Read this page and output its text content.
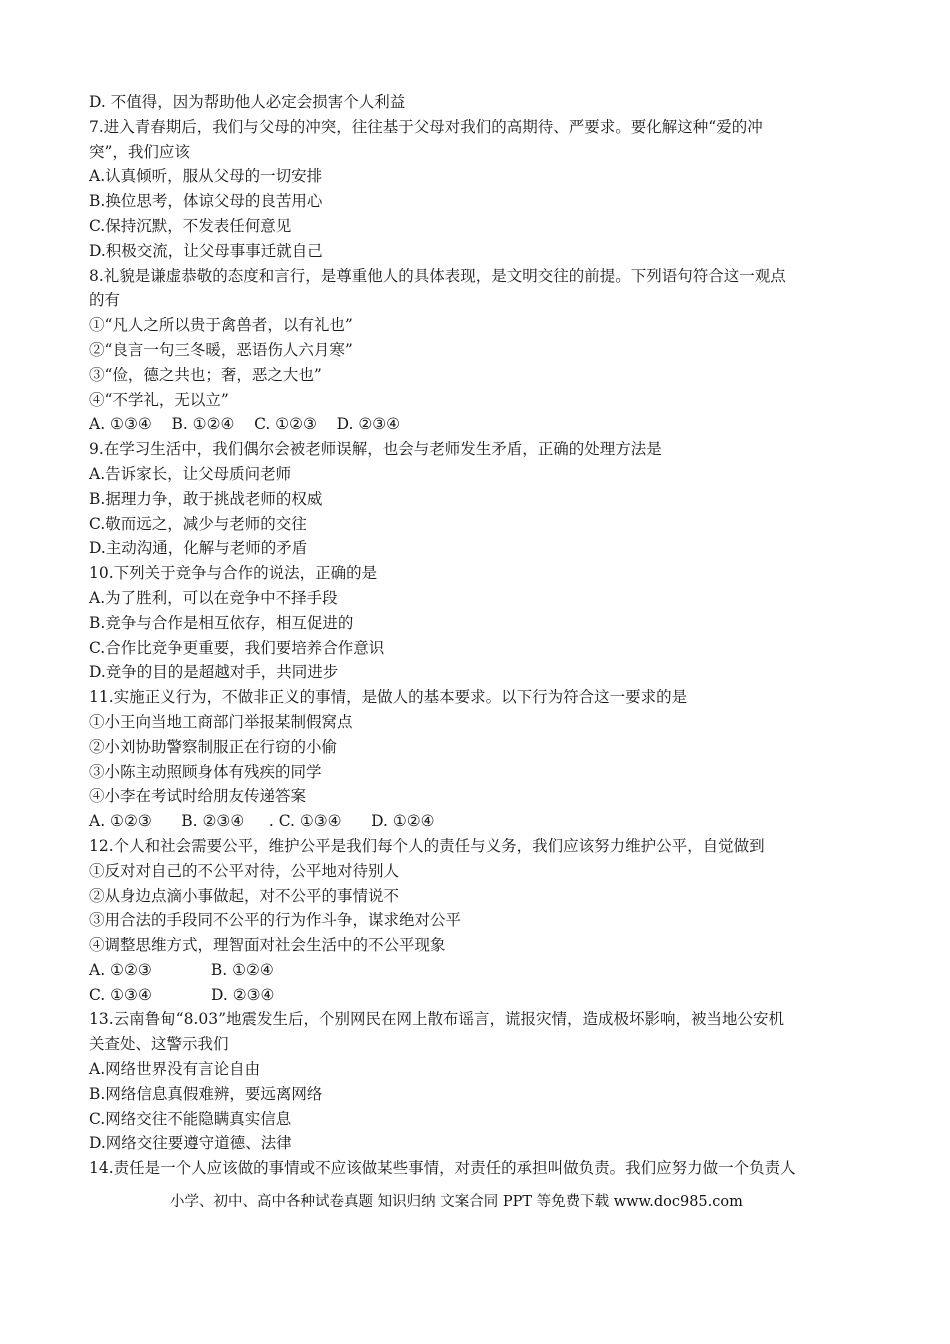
D. 不值得，因为帮助他人必定会损害个人利益
7.进入青春期后，我们与父母的冲突，往往基于父母对我们的高期待、严要求。要化解这种“爱的冲
突”，我们应该
A.认真倾听，服从父母的一切安排
B.换位思考，体谅父母的良苦用心
C.保持沉默，不发表任何意见
D.积极交流，让父母事事迁就自己
8.礼貌是谦虚恭敬的态度和言行，是尊重他人的具体表现，是文明交往的前提。下列语句符合这一观点
的有
①“凡人之所以贵于禽兽者，以有礼也”
②“良言一句三冬暖，恶语伤人六月寒”
③“俭，德之共也；奢，恶之大也”
④“不学礼，无以立”
A. ①③④    B. ①②④    C. ①②③    D. ②③④
9.在学习生活中，我们偶尔会被老师误解，也会与老师发生矛盾，正确的处理方法是
A.告诉家长，让父母质问老师
B.据理力争，敢于挑战老师的权威
C.敬而远之，减少与老师的交往
D.主动沟通，化解与老师的矛盾
10.下列关于竞争与合作的说法，正确的是
A.为了胜利，可以在竞争中不择手段
B.竞争与合作是相互依存，相互促进的
C.合作比竞争更重要，我们要培养合作意识
D.竞争的目的是超越对手，共同进步
11.实施正义行为，不做非正义的事情，是做人的基本要求。以下行为符合这一要求的是
①小王向当地工商部门举报某制假窝点
②小刘协助警察制服正在行窃的小偷
③小陈主动照顾身体有残疾的同学
④小李在考试时给朋友传递答案
A. ①②③      B. ②③④     . C. ①③④      D. ①②④
12.个人和社会需要公平，维护公平是我们每个人的责任与义务，我们应该努力维护公平，自觉做到
①反对对自己的不公平对待，公平地对待别人
②从身边点滴小事做起，对不公平的事情说不
③用合法的手段同不公平的行为作斗争，谋求绝对公平
④调整思维方式，理智面对社会生活中的不公平现象
A. ①②③            B. ①②④
C. ①③④            D. ②③④
13.云南鲁甸“8.03”地震发生后，个别网民在网上散布谣言，谎报灾情，造成极坏影响，被当地公安机
关查处、这警示我们
A.网络世界没有言论自由
B.网络信息真假难辨，要远离网络
C.网络交往不能隐瞒真实信息
D.网络交往要遵守道德、法律
14.责任是一个人应该做的事情或不应该做某些事情，对责任的承担叫做负责。我们应努力做一个负责人
小学、初中、高中各种试卷真题 知识归纳 文案合同 PPT 等免费下载 www.doc985.com
